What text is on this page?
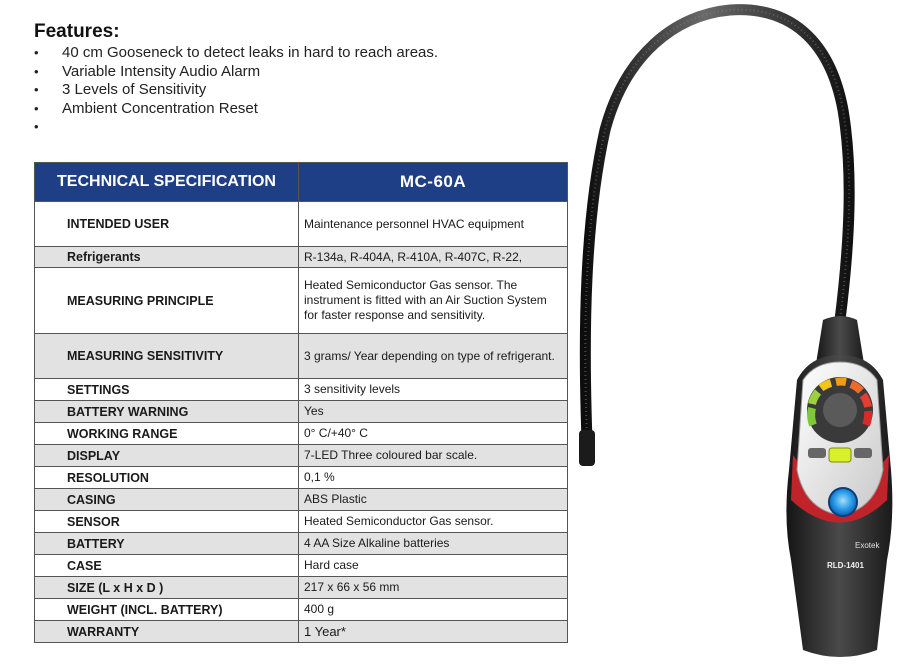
Features:
• 40 cm Gooseneck to detect leaks in hard to reach areas.
• Variable Intensity Audio Alarm
• 3 Levels of Sensitivity
• Ambient Concentration Reset
•
TECHNICAL SPECIFICATION	MC-60A
INTENDED USER	Maintenance personnel HVAC equipment
Refrigerants	R-134a, R-404A, R-410A, R-407C, R-22,
MEASURING PRINCIPLE	Heated Semiconductor Gas sensor. The instrument is fitted with an Air Suction System for faster response and sensitivity.
MEASURING SENSITIVITY	3 grams/ Year depending on type of refrigerant.
SETTINGS	3 sensitivity levels
BATTERY WARNING	Yes
WORKING RANGE	0° C/+40° C
DISPLAY	7-LED Three coloured bar scale.
RESOLUTION	0,1 %
CASING	ABS Plastic
SENSOR	Heated Semiconductor Gas sensor.
BATTERY	4 AA Size Alkaline batteries
CASE	Hard case
SIZE (L x H x D )	217 x 66 x 56 mm
WEIGHT (INCL. BATTERY)	400 g
WARRANTY	1 Year*
Exotek
RLD-1401
